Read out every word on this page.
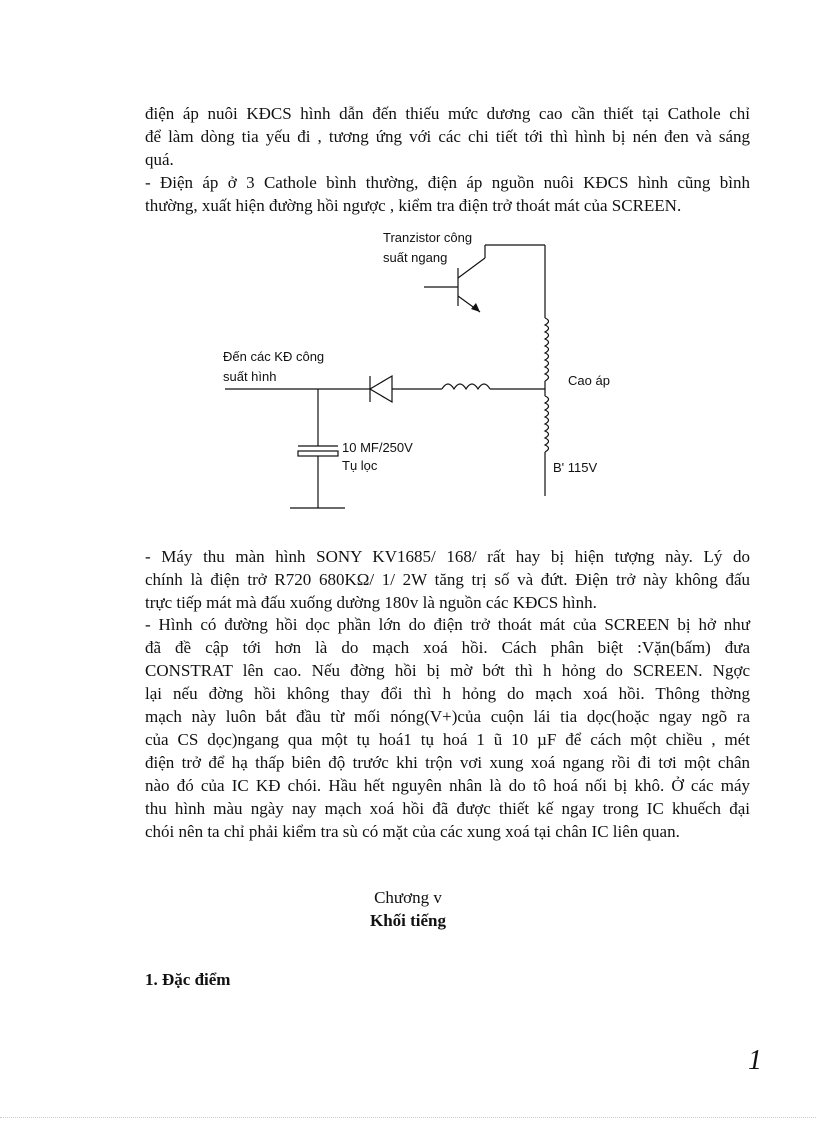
điện áp nuôi KĐCS hình dẫn đến thiếu mức dương cao cần thiết tại Cathole chỉ
để làm dòng tia yếu đi , tương ứng với các chi tiết tới thì hình bị nén đen và sáng
quá.
- Điện áp ở 3 Cathole bình thường, điện áp nguồn nuôi KĐCS hình cũng bình
thường, xuất hiện đường hồi ngược , kiểm tra điện trở thoát mát của SCREEN.
Tranzistor công
suất ngang
Đến các KĐ công
suất hình
10 MF/250V
Tụ lọc
Cao áp
B' 115V
- Máy thu màn hình SONY KV1685/ 168/ rất hay bị hiện tượng này. Lý do
chính là điện trở R720 680KΩ/ 1/ 2W tăng trị số và đứt. Điện trở này không đấu
trực tiếp mát mà đấu xuống dường 180v là nguồn các KĐCS hình.
- Hình có đường hồi dọc phần lớn do điện trở thoát mát của SCREEN bị hở như
đã đề cập tới hơn là do mạch xoá hồi. Cách phân biệt :Vặn(bấm) đưa
CONSTRAT lên cao. Nếu đờng hồi bị mờ bớt thì h hỏng do SCREEN. Ngợc
lại nếu đờng hồi không thay đổi thì h hỏng do mạch xoá hồi. Thông thờng
mạch này luôn bắt đầu từ mối nóng(V+)của cuộn lái tia dọc(hoặc ngay ngõ ra
của CS dọc)ngang qua một tụ hoá1 tụ hoá 1 ũ 10 µF để cách một chiều , mét
điện trở để hạ thấp biên độ trước khi trộn vơi xung xoá ngang rồi đi tơi một chân
nào đó của IC KĐ chói. Hầu hết nguyên nhân là do tô hoá nối bị khô. Ở các máy
thu hình màu ngày nay mạch xoá hồi đã được thiết kế ngay trong IC khuếch đại
chói nên ta chỉ phải kiểm tra sù có mặt của các xung xoá tại chân IC liên quan.
Chương v
Khối tiếng
1. Đặc điểm
1
